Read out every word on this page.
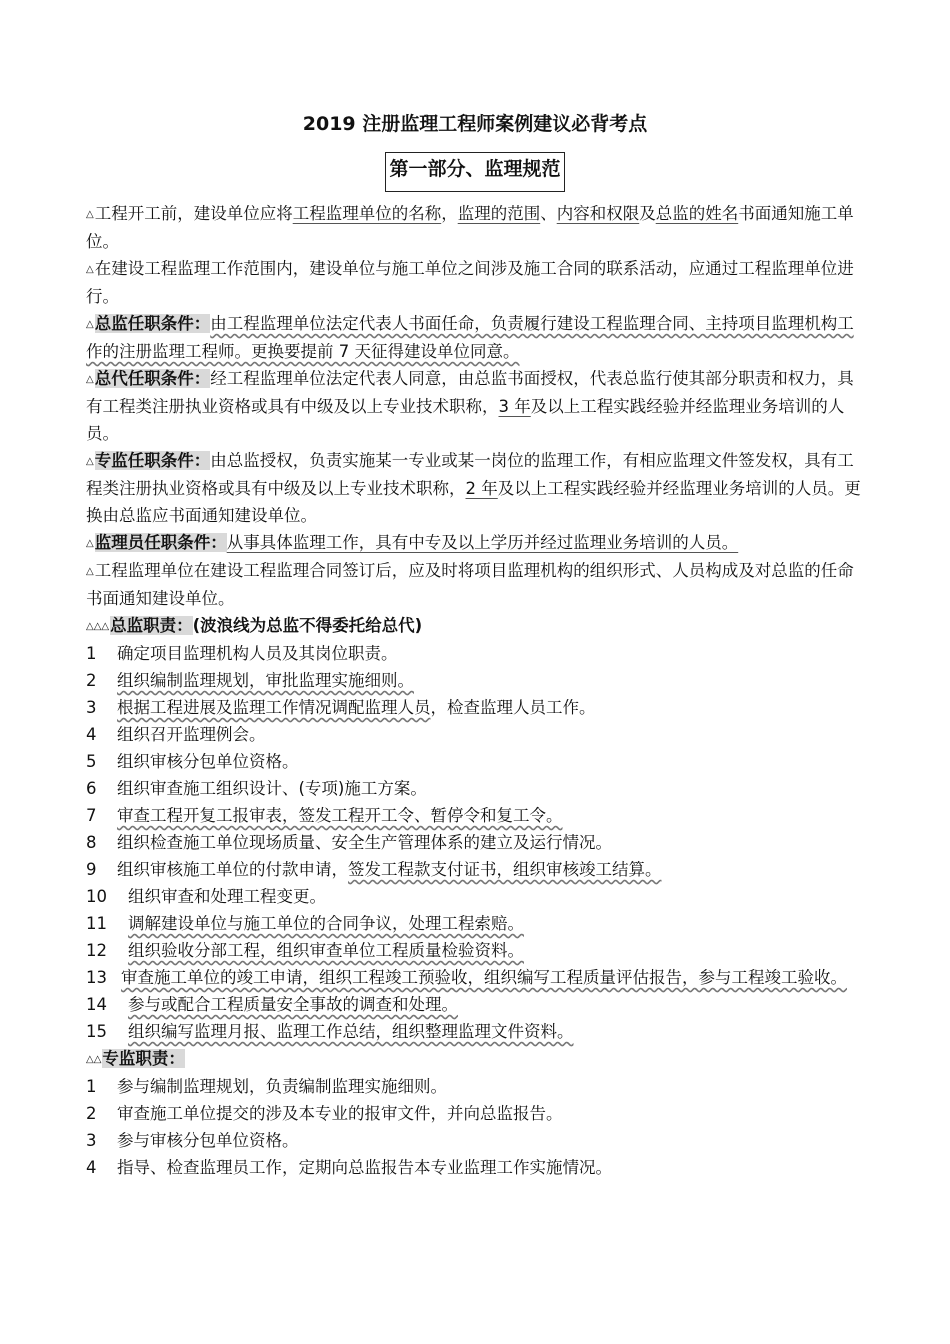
2019 注册监理工程师案例建议必背考点
第一部分、监理规范

△工程开工前，建设单位应将工程监理单位的名称，监理的范围、内容和权限及总监的姓名书面通知施工单位。

△在建设工程监理工作范围内，建设单位与施工单位之间涉及施工合同的联系活动，应通过工程监理单位进行。

△总监任职条件：由工程监理单位法定代表人书面任命，负责履行建设工程监理合同、主持项目监理机构工作的注册监理工程师。更换要提前 7 天征得建设单位同意。

△总代任职条件：经工程监理单位法定代表人同意，由总监书面授权，代表总监行使其部分职责和权力，具有工程类注册执业资格或具有中级及以上专业技术职称，3 年及以上工程实践经验并经监理业务培训的人员。

△专监任职条件：由总监授权，负责实施某一专业或某一岗位的监理工作，有相应监理文件签发权，具有工程类注册执业资格或具有中级及以上专业技术职称，2 年及以上工程实践经验并经监理业务培训的人员。更换由总监应书面通知建设单位。

△监理员任职条件：从事具体监理工作，具有中专及以上学历并经过监理业务培训的人员。

△工程监理单位在建设工程监理合同签订后，应及时将项目监理机构的组织形式、人员构成及对总监的任命书面通知建设单位。

△△△总监职责：(波浪线为总监不得委托给总代)

1	确定项目监理机构人员及其岗位职责。
2	组织编制监理规划，审批监理实施细则。
3	根据工程进展及监理工作情况调配监理人员，检查监理人员工作。
4	组织召开监理例会。
5	组织审核分包单位资格。
6	组织审查施工组织设计、(专项)施工方案。
7	审查工程开复工报审表，签发工程开工令、暂停令和复工令。
8	组织检查施工单位现场质量、安全生产管理体系的建立及运行情况。
9	组织审核施工单位的付款申请，签发工程款支付证书，组织审核竣工结算。
10	组织审查和处理工程变更。
11	调解建设单位与施工单位的合同争议，处理工程索赔。
12	组织验收分部工程，组织审查单位工程质量检验资料。
13 审查施工单位的竣工申请，组织工程竣工预验收，组织编写工程质量评估报告，参与工程竣工验收。
14	参与或配合工程质量安全事故的调查和处理。
15	组织编写监理月报、监理工作总结，组织整理监理文件资料。

△△专监职责：

1	参与编制监理规划，负责编制监理实施细则。
2	审查施工单位提交的涉及本专业的报审文件，并向总监报告。
3	参与审核分包单位资格。
4	指导、检查监理员工作，定期向总监报告本专业监理工作实施情况。
